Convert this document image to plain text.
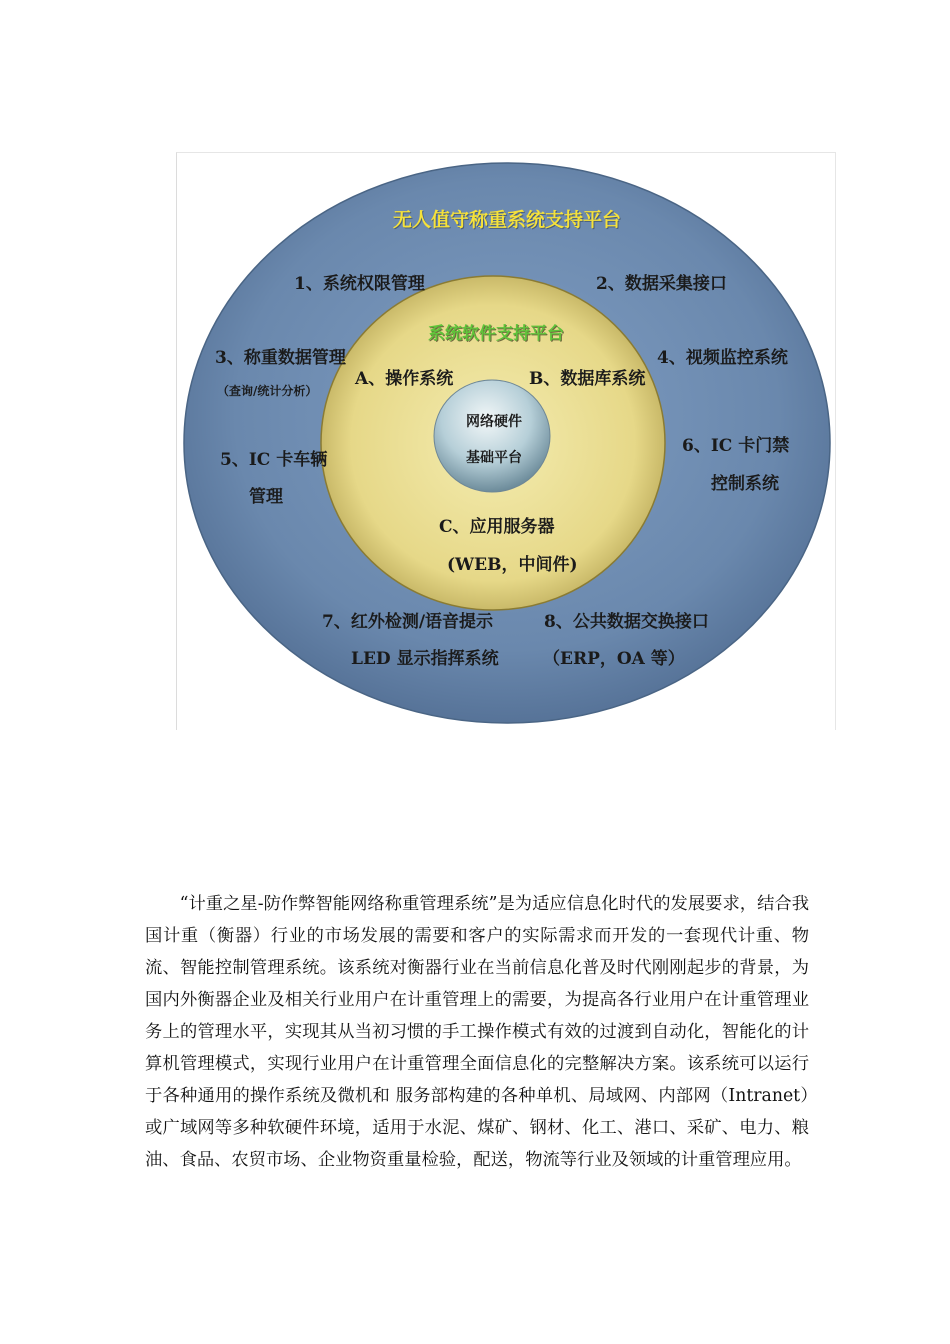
无人值守称重系统支持平台
1、系统权限管理	2、数据采集接口
系统软件支持平台
3、称重数据管理
（查询/统计分析）
4、视频监控系统
A、操作系统	B、数据库系统
网络硬件
基础平台
5、IC 卡车辆
管理
6、IC 卡门禁
控制系统
C、应用服务器
(WEB，中间件)
7、红外检测/语音提示
LED 显示指挥系统
8、公共数据交换接口
（ERP，OA 等）

“计重之星-防作弊智能网络称重管理系统”是为适应信息化时代的发展要求，结合我国计重（衡器）行业的市场发展的需要和客户的实际需求而开发的一套现代计重、物流、智能控制管理系统。该系统对衡器行业在当前信息化普及时代刚刚起步的背景，为国内外衡器企业及相关行业用户在计重管理上的需要，为提高各行业用户在计重管理业务上的管理水平，实现其从当初习惯的手工操作模式有效的过渡到自动化，智能化的计算机管理模式，实现行业用户在计重管理全面信息化的完整解决方案。该系统可以运行于各种通用的操作系统及微机和 服务部构建的各种单机、局域网、内部网（Intranet）或广域网等多种软硬件环境，适用于水泥、煤矿、钢材、化工、港口、采矿、电力、粮油、食品、农贸市场、企业物资重量检验，配送，物流等行业及领域的计重管理应用。
